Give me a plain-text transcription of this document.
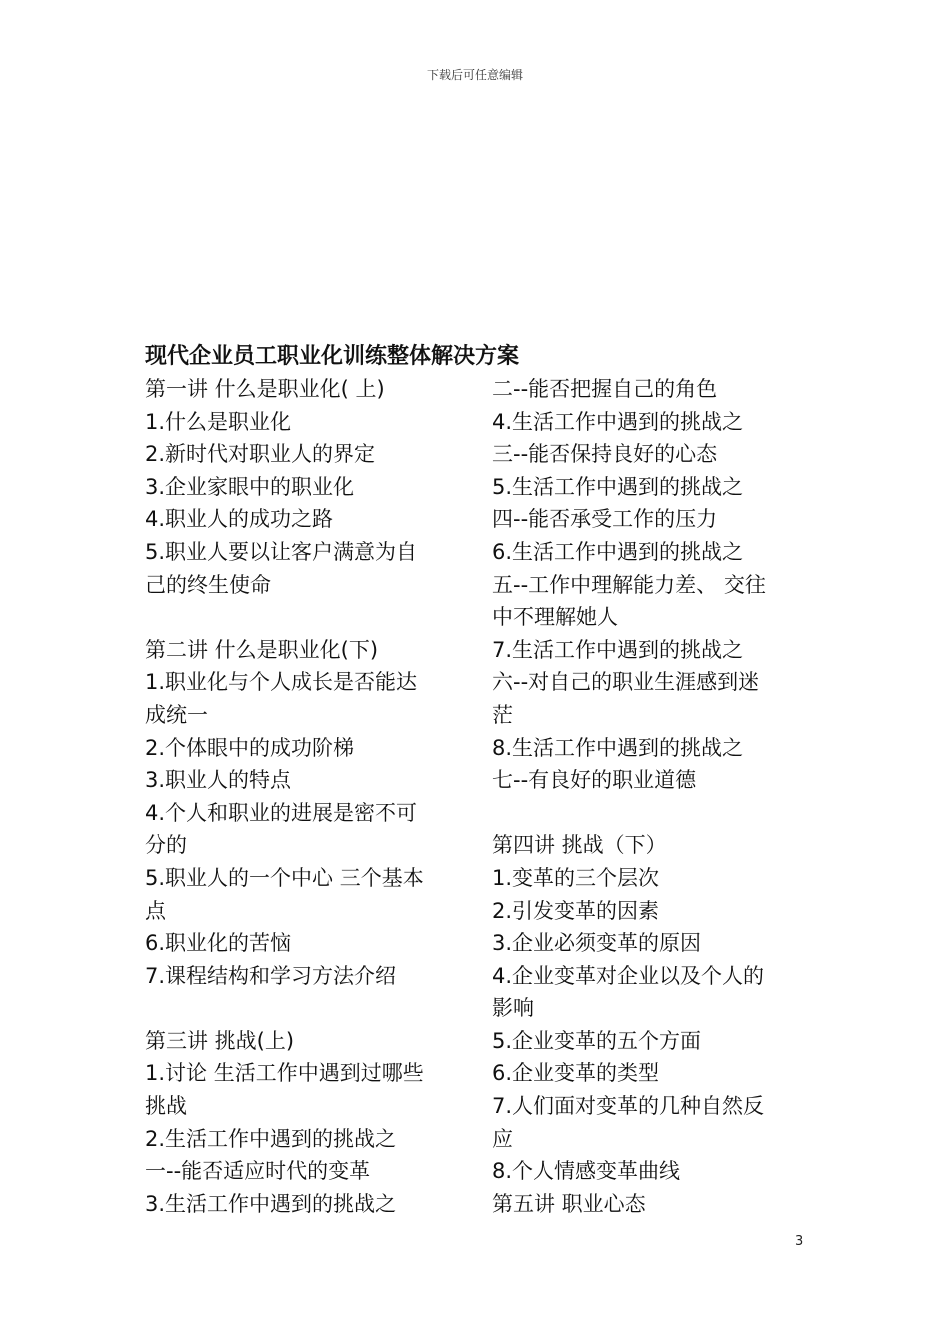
下载后可任意编辑
现代企业员工职业化训练整体解决方案
第一讲 什么是职业化( 上)
1.什么是职业化
2.新时代对职业人的界定
3.企业家眼中的职业化
4.职业人的成功之路
5.职业人要以让客户满意为自
己的终生使命
第二讲 什么是职业化(下)
1.职业化与个人成长是否能达
成统一
2.个体眼中的成功阶梯
3.职业人的特点
4.个人和职业的进展是密不可
分的
5.职业人的一个中心 三个基本
点
6.职业化的苦恼
7.课程结构和学习方法介绍
第三讲 挑战(上)
1.讨论 生活工作中遇到过哪些
挑战
2.生活工作中遇到的挑战之
一--能否适应时代的变革
3.生活工作中遇到的挑战之
二--能否把握自己的角色
4.生活工作中遇到的挑战之
三--能否保持良好的心态
5.生活工作中遇到的挑战之
四--能否承受工作的压力
6.生活工作中遇到的挑战之
五--工作中理解能力差、 交往
中不理解她人
7.生活工作中遇到的挑战之
六--对自己的职业生涯感到迷
茫
8.生活工作中遇到的挑战之
七--有良好的职业道德
第四讲 挑战（下）
1.变革的三个层次
2.引发变革的因素
3.企业必须变革的原因
4.企业变革对企业以及个人的
影响
5.企业变革的五个方面
6.企业变革的类型
7.人们面对变革的几种自然反
应
8.个人情感变革曲线
第五讲 职业心态
3
